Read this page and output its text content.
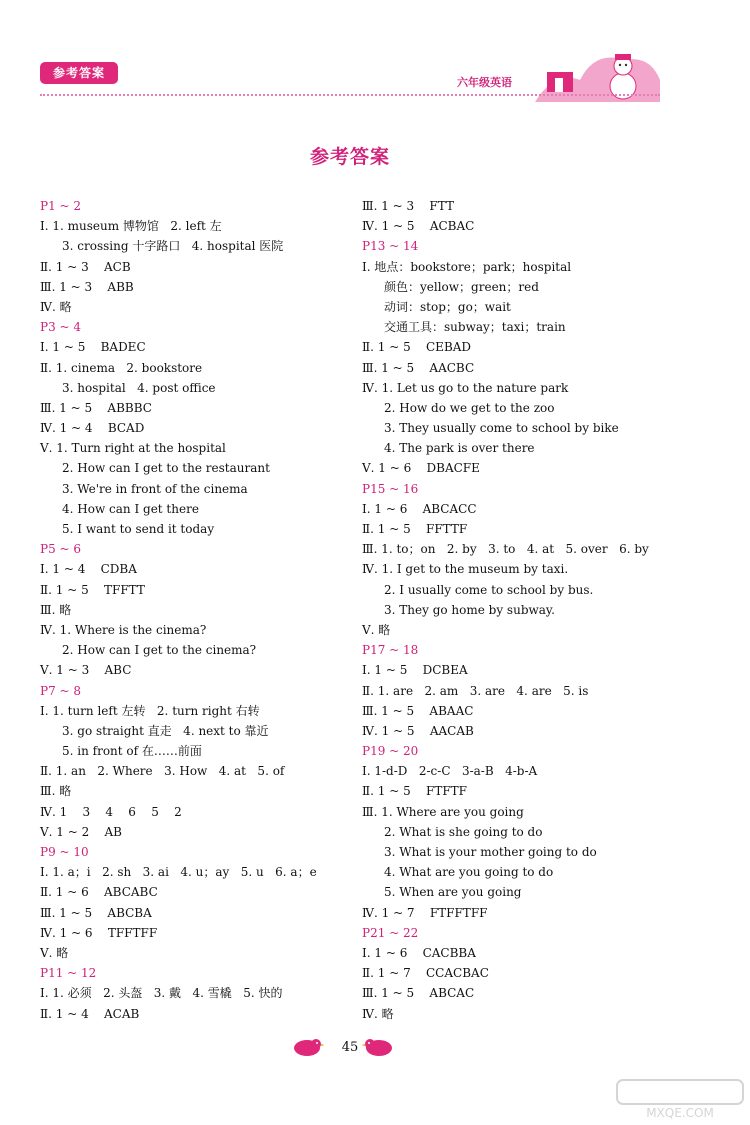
参考答案
六年级英语
参考答案
P1 ~ 2
Ⅰ. 1. museum 博物馆   2. left 左
3. crossing 十字路口   4. hospital 医院
Ⅱ. 1 ~ 3    ACB
Ⅲ. 1 ~ 3    ABB
Ⅳ. 略
P3 ~ 4
Ⅰ. 1 ~ 5    BADEC
Ⅱ. 1. cinema   2. bookstore
3. hospital   4. post office
Ⅲ. 1 ~ 5    ABBBC
Ⅳ. 1 ~ 4    BCAD
Ⅴ. 1. Turn right at the hospital
2. How can I get to the restaurant
3. We're in front of the cinema
4. How can I get there
5. I want to send it today
P5 ~ 6
Ⅰ. 1 ~ 4    CDBA
Ⅱ. 1 ~ 5    TFFTT
Ⅲ. 略
Ⅳ. 1. Where is the cinema?
2. How can I get to the cinema?
Ⅴ. 1 ~ 3    ABC
P7 ~ 8
Ⅰ. 1. turn left 左转   2. turn right 右转
3. go straight 直走   4. next to 靠近
5. in front of 在……前面
Ⅱ. 1. an   2. Where   3. How   4. at   5. of
Ⅲ. 略
Ⅳ. 1    3    4    6    5    2
Ⅴ. 1 ~ 2    AB
P9 ~ 10
Ⅰ. 1. a；i   2. sh   3. ai   4. u；ay   5. u   6. a；e
Ⅱ. 1 ~ 6    ABCABC
Ⅲ. 1 ~ 5    ABCBA
Ⅳ. 1 ~ 6    TFFTFF
Ⅴ. 略
P11 ~ 12
Ⅰ. 1. 必须   2. 头盔   3. 戴   4. 雪橇   5. 快的
Ⅱ. 1 ~ 4    ACAB
Ⅲ. 1 ~ 3    FTT
Ⅳ. 1 ~ 5    ACBAC
P13 ~ 14
Ⅰ. 地点：bookstore；park；hospital
颜色：yellow；green；red
动词：stop；go；wait
交通工具：subway；taxi；train
Ⅱ. 1 ~ 5    CEBAD
Ⅲ. 1 ~ 5    AACBC
Ⅳ. 1. Let us go to the nature park
2. How do we get to the zoo
3. They usually come to school by bike
4. The park is over there
Ⅴ. 1 ~ 6    DBACFE
P15 ~ 16
Ⅰ. 1 ~ 6    ABCACC
Ⅱ. 1 ~ 5    FFTTF
Ⅲ. 1. to；on   2. by   3. to   4. at   5. over   6. by
Ⅳ. 1. I get to the museum by taxi.
2. I usually come to school by bus.
3. They go home by subway.
Ⅴ. 略
P17 ~ 18
Ⅰ. 1 ~ 5    DCBEA
Ⅱ. 1. are   2. am   3. are   4. are   5. is
Ⅲ. 1 ~ 5    ABAAC
Ⅳ. 1 ~ 5    AACAB
P19 ~ 20
Ⅰ. 1-d-D   2-c-C   3-a-B   4-b-A
Ⅱ. 1 ~ 5    FTFTF
Ⅲ. 1. Where are you going
2. What is she going to do
3. What is your mother going to do
4. What are you going to do
5. When are you going
Ⅳ. 1 ~ 7    FTFFTFF
P21 ~ 22
Ⅰ. 1 ~ 6    CACBBA
Ⅱ. 1 ~ 7    CCACBAC
Ⅲ. 1 ~ 5    ABCAC
Ⅳ. 略
45
MXQE.COM
